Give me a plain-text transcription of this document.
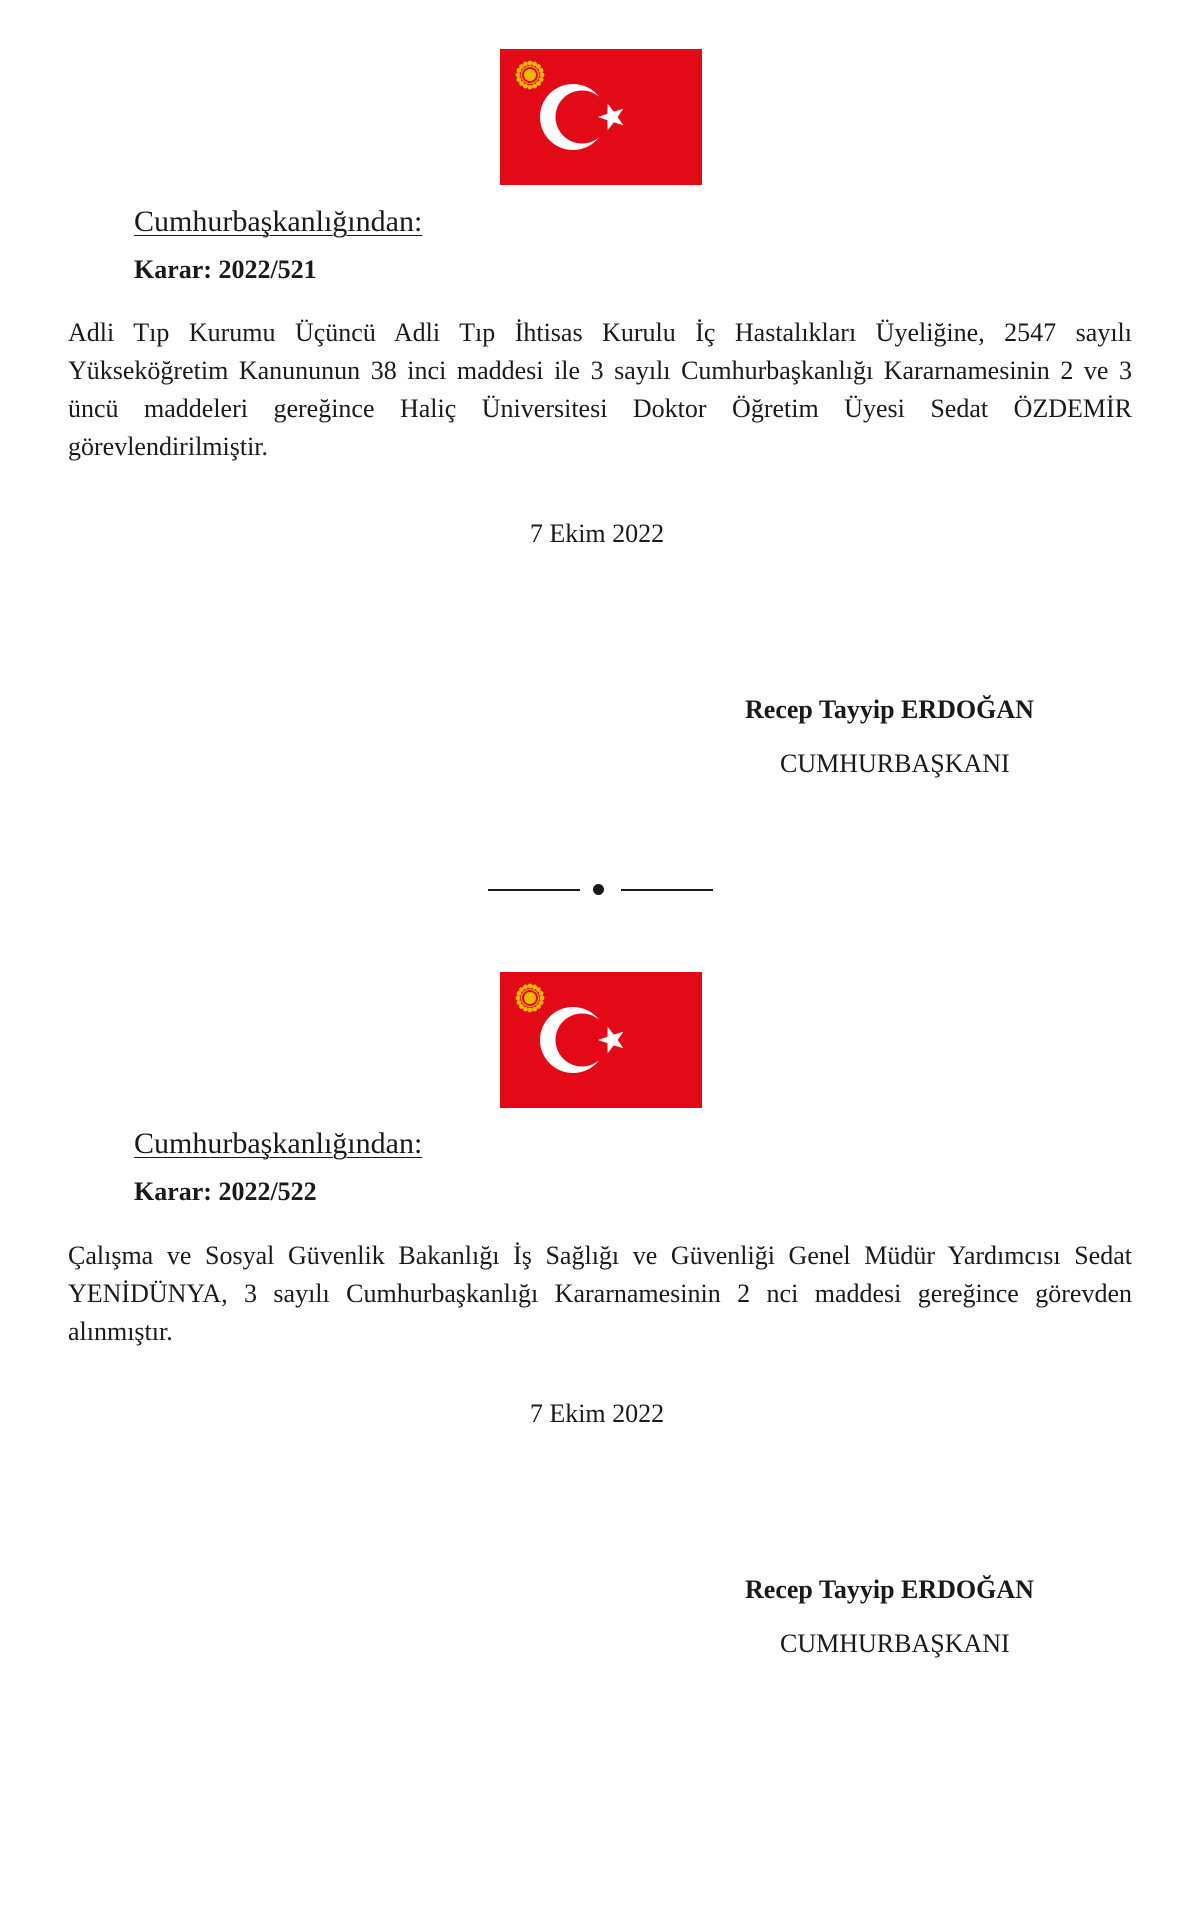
Cumhurbaşkanlığından:
Karar: 2022/521

Adli Tıp Kurumu Üçüncü Adli Tıp İhtisas Kurulu İç Hastalıkları Üyeliğine, 2547 sayılı Yükseköğretim Kanununun 38 inci maddesi ile 3 sayılı Cumhurbaşkanlığı Kararnamesinin 2 ve 3 üncü maddeleri gereğince Haliç Üniversitesi Doktor Öğretim Üyesi Sedat ÖZDEMİR görevlendirilmiştir.

7 Ekim 2022
Recep Tayyip ERDOĞAN
CUMHURBAŞKANI
Cumhurbaşkanlığından:
Karar: 2022/522

Çalışma ve Sosyal Güvenlik Bakanlığı İş Sağlığı ve Güvenliği Genel Müdür Yardımcısı Sedat YENİDÜNYA, 3 sayılı Cumhurbaşkanlığı Kararnamesinin 2 nci maddesi gereğince görevden alınmıştır.

7 Ekim 2022
Recep Tayyip ERDOĞAN
CUMHURBAŞKANI
